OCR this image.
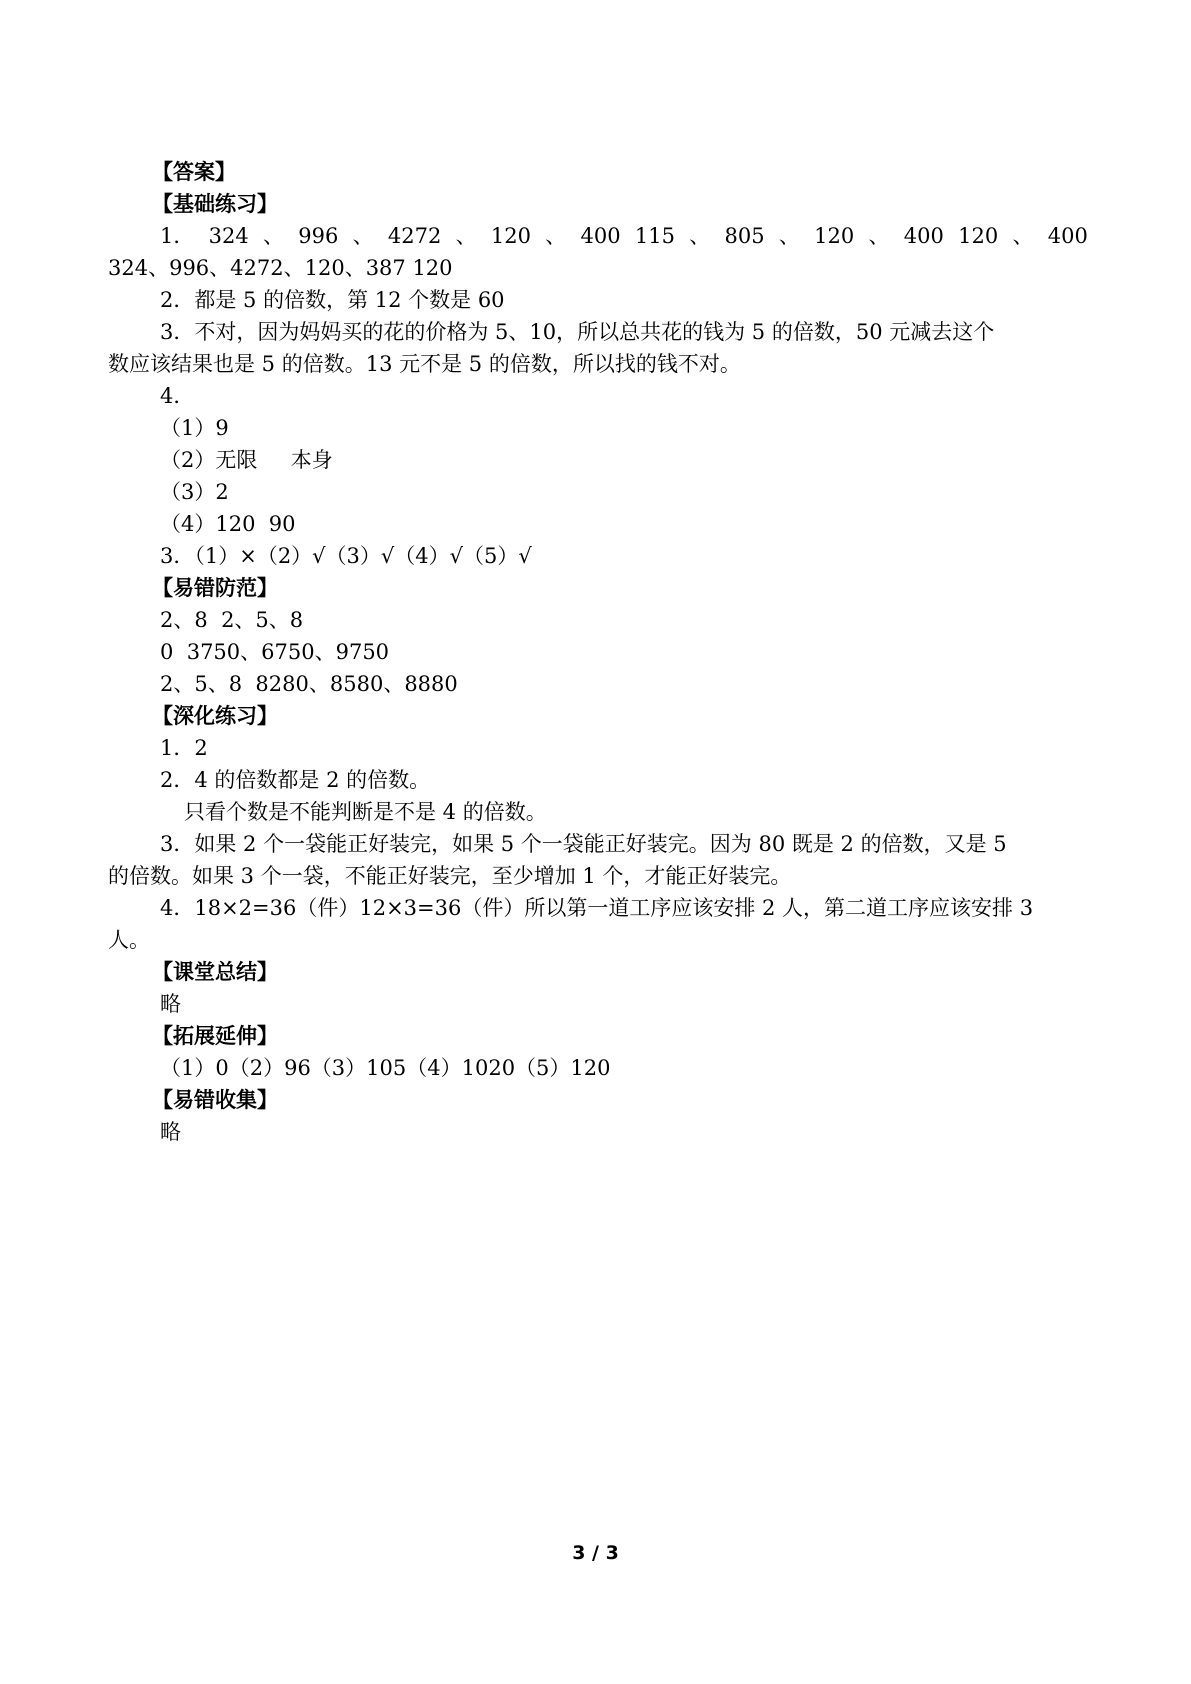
【答案】
【基础练习】
1． 324 、 996 、 4272 、 120 、 400 115 、 805 、 120 、 400 120 、 400
324、996、4272、120、387 120
2．都是 5 的倍数，第 12 个数是 60
3．不对，因为妈妈买的花的价格为 5、10，所以总共花的钱为 5 的倍数，50 元减去这个
数应该结果也是 5 的倍数。13 元不是 5 的倍数，所以找的钱不对。
4．
（1）9
（2）无限     本身
（3）2
（4）120  90
3．（1）×（2）√（3）√（4）√（5）√
【易错防范】
2、8  2、5、8
0  3750、6750、9750
2、5、8  8280、8580、8880
【深化练习】
1．2
2．4 的倍数都是 2 的倍数。
只看个数是不能判断是不是 4 的倍数。
3．如果 2 个一袋能正好装完，如果 5 个一袋能正好装完。因为 80 既是 2 的倍数，又是 5
的倍数。如果 3 个一袋，不能正好装完，至少增加 1 个，才能正好装完。
4．18×2=36（件）12×3=36（件）所以第一道工序应该安排 2 人，第二道工序应该安排 3
人。
【课堂总结】
略
【拓展延伸】
（1）0（2）96（3）105（4）1020（5）120
【易错收集】
略
3 / 3
